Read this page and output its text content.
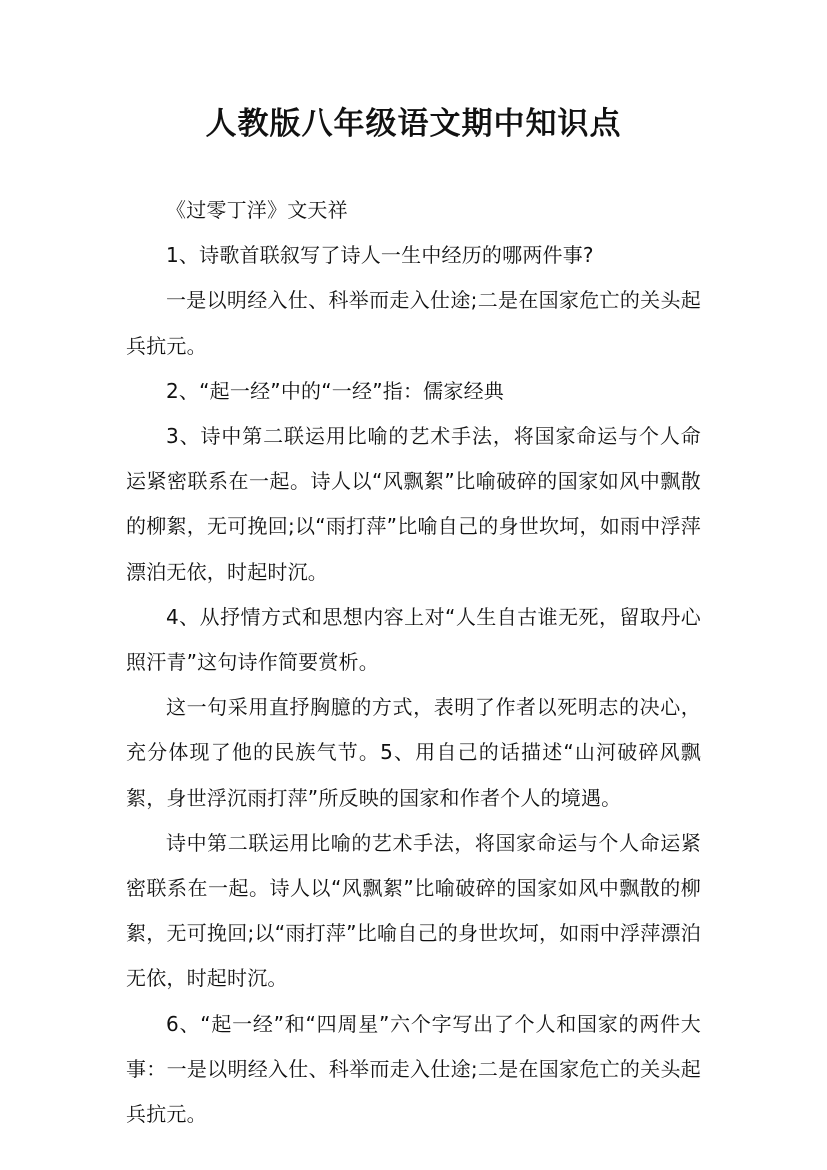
人教版八年级语文期中知识点

《过零丁洋》文天祥

1、诗歌首联叙写了诗人一生中经历的哪两件事?

一是以明经入仕、科举而走入仕途;二是在国家危亡的关头起兵抗元。

2、“起一经”中的“一经”指：儒家经典

3、诗中第二联运用比喻的艺术手法，将国家命运与个人命运紧密联系在一起。诗人以“风飘絮”比喻破碎的国家如风中飘散的柳絮，无可挽回;以“雨打萍”比喻自己的身世坎坷，如雨中浮萍漂泊无依，时起时沉。

4、从抒情方式和思想内容上对“人生自古谁无死，留取丹心照汗青”这句诗作简要赏析。

这一句采用直抒胸臆的方式，表明了作者以死明志的决心，充分体现了他的民族气节。5、用自己的话描述“山河破碎风飘絮，身世浮沉雨打萍”所反映的国家和作者个人的境遇。

诗中第二联运用比喻的艺术手法，将国家命运与个人命运紧密联系在一起。诗人以“风飘絮”比喻破碎的国家如风中飘散的柳絮，无可挽回;以“雨打萍”比喻自己的身世坎坷，如雨中浮萍漂泊无依，时起时沉。

6、“起一经”和“四周星”六个字写出了个人和国家的两件大事：一是以明经入仕、科举而走入仕途;二是在国家危亡的关头起兵抗元。
